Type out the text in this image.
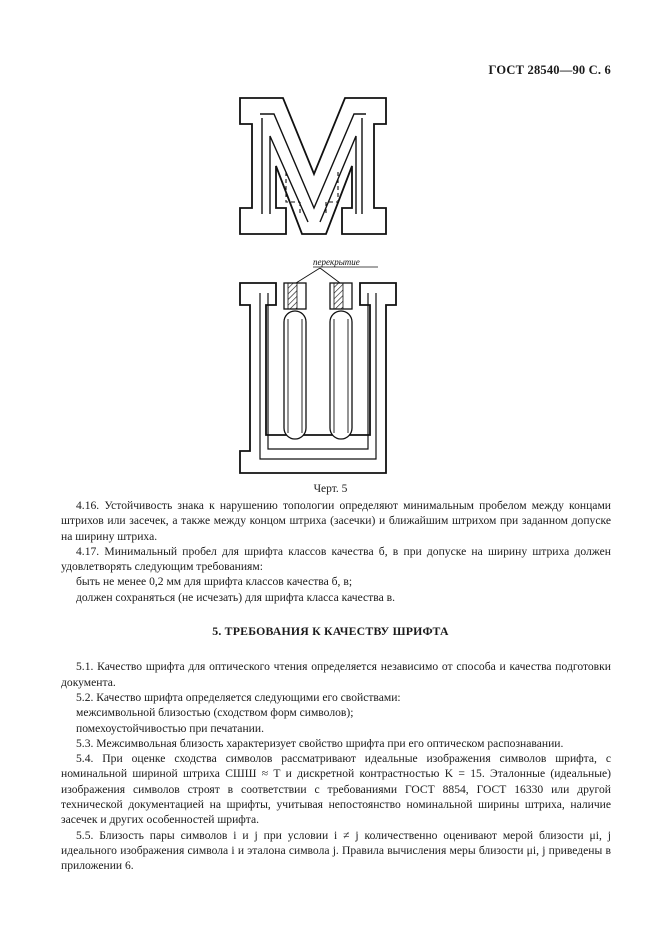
ГОСТ 28540—90 С. 6
перекрытие
Черт. 5

4.16. Устойчивость знака к нарушению топологии определяют минимальным пробелом между концами штрихов или засечек, а также между концом штриха (засечки) и ближайшим штрихом при заданном допуске на ширину штриха.

4.17. Минимальный пробел для шрифта классов качества б, в при допуске на ширину штриха должен удовлетворять следующим требованиям:

быть не менее 0,2 мм для шрифта классов качества б, в;

должен сохраняться (не исчезать) для шрифта класса качества в.

5. ТРЕБОВАНИЯ К КАЧЕСТВУ ШРИФТА

5.1. Качество шрифта для оптического чтения определяется независимо от способа и качества подготовки документа.

5.2. Качество шрифта определяется следующими его свойствами:

межсимвольной близостью (сходством форм символов);

помехоустойчивостью при печатании.

5.3. Межсимвольная близость характеризует свойство шрифта при его оптическом распознавании.

5.4. При оценке сходства символов рассматривают идеальные изображения символов шрифта, с номинальной шириной штриха СШШ ≈ T и дискретной контрастностью K = 15. Эталонные (идеальные) изображения символов строят в соответствии с требованиями ГОСТ 8854, ГОСТ 16330 или другой технической документацией на шрифты, учитывая непостоянство номинальной ширины штриха, наличие засечек и других особенностей шрифта.

5.5. Близость пары символов i и j при условии i ≠ j количественно оценивают мерой близости μi, j идеального изображения символа i и эталона символа j. Правила вычисления меры близости μi, j приведены в приложении 6.
